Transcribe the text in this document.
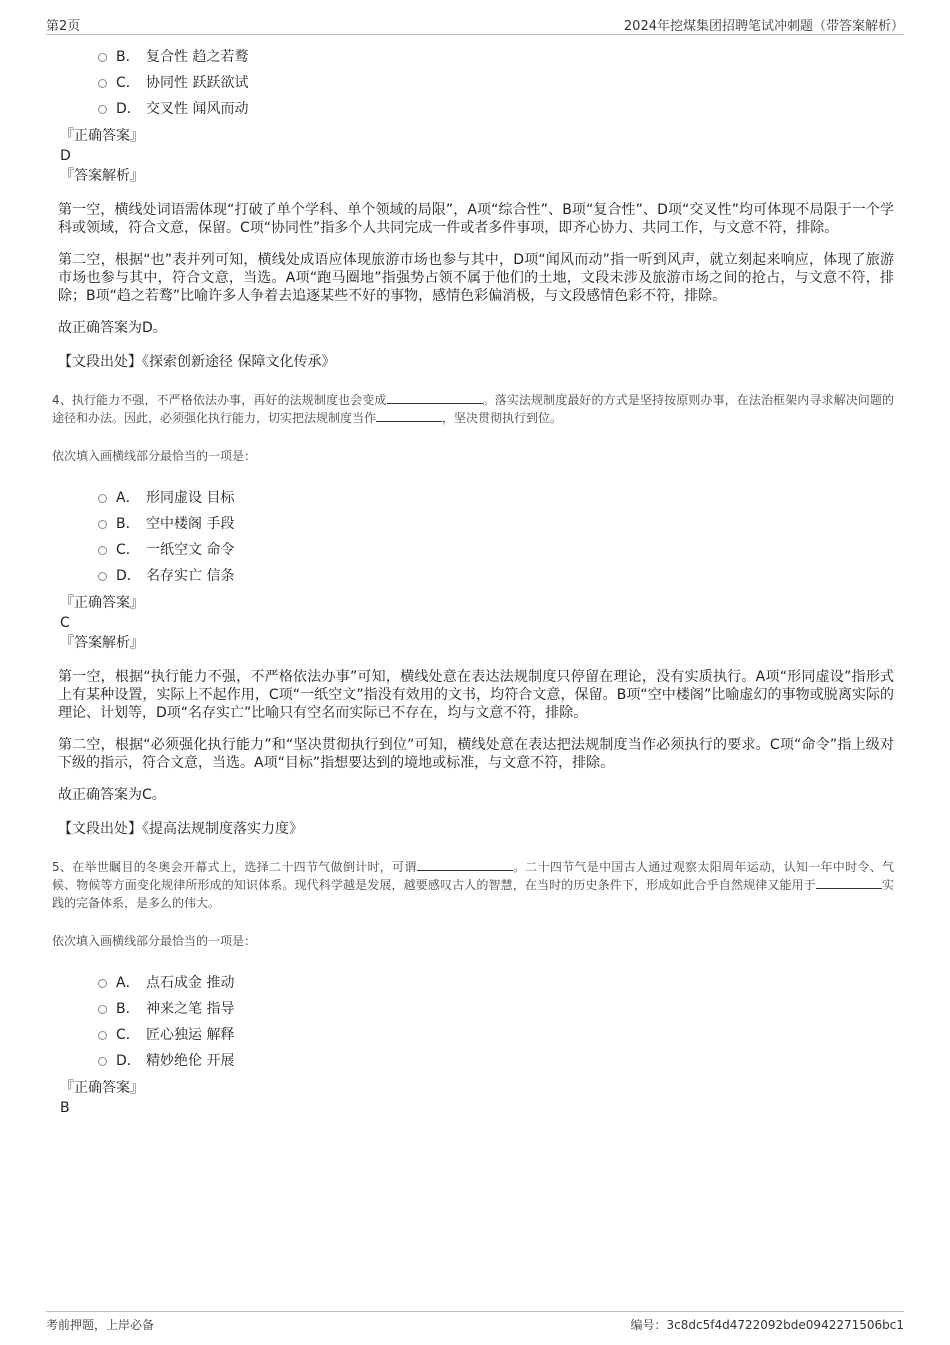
第2页	2024年挖煤集团招聘笔试冲刺题（带答案解析）
B． 复合性 趋之若鹜
C． 协同性 跃跃欲试
D． 交叉性 闻风而动
『正确答案』
D
『答案解析』
第一空，横线处词语需体现“打破了单个学科、单个领域的局限”，A项“综合性”、B项“复合性”、D项“交叉性”均可体现不局限于一个学科或领域，符合文意，保留。C项“协同性”指多个人共同完成一件或者多件事项，即齐心协力、共同工作，与文意不符，排除。
第二空，根据“也”表并列可知，横线处成语应体现旅游市场也参与其中，D项“闻风而动”指一听到风声，就立刻起来响应，体现了旅游市场也参与其中，符合文意，当选。A项“跑马圈地”指强势占领不属于他们的土地，文段未涉及旅游市场之间的抢占，与文意不符，排除；B项“趋之若鹜”比喻许多人争着去追逐某些不好的事物，感情色彩偏消极，与文段感情色彩不符，排除。
故正确答案为D。
【文段出处】《探索创新途径 保障文化传承》
4、执行能力不强，不严格依法办事，再好的法规制度也会变成	。落实法规制度最好的方式是坚持按原则办事，在法治框架内寻求解决问题的途径和办法。因此，必须强化执行能力，切实把法规制度当作	，坚决贯彻执行到位。
依次填入画横线部分最恰当的一项是：
A． 形同虚设 目标
B． 空中楼阁 手段
C． 一纸空文 命令
D． 名存实亡 信条
『正确答案』
C
『答案解析』
第一空，根据“执行能力不强，不严格依法办事”可知，横线处意在表达法规制度只停留在理论，没有实质执行。A项“形同虚设”指形式上有某种设置，实际上不起作用，C项“一纸空文”指没有效用的文书，均符合文意，保留。B项“空中楼阁”比喻虚幻的事物或脱离实际的理论、计划等，D项“名存实亡”比喻只有空名而实际已不存在，均与文意不符，排除。
第二空，根据“必须强化执行能力”和“坚决贯彻执行到位”可知，横线处意在表达把法规制度当作必须执行的要求。C项“命令”指上级对下级的指示，符合文意，当选。A项“目标”指想要达到的境地或标准，与文意不符，排除。
故正确答案为C。
【文段出处】《提高法规制度落实力度》
5、在举世瞩目的冬奥会开幕式上，选择二十四节气做倒计时，可谓	。二十四节气是中国古人通过观察太阳周年运动，认知一年中时令、气候、物候等方面变化规律所形成的知识体系。现代科学越是发展，越要感叹古人的智慧，在当时的历史条件下，形成如此合乎自然规律又能用于	实践的完备体系，是多么的伟大。
依次填入画横线部分最恰当的一项是：
A． 点石成金 推动
B． 神来之笔 指导
C． 匠心独运 解释
D． 精妙绝伦 开展
『正确答案』
B
考前押题，上岸必备	编号：3c8dc5f4d4722092bde0942271506bc1
